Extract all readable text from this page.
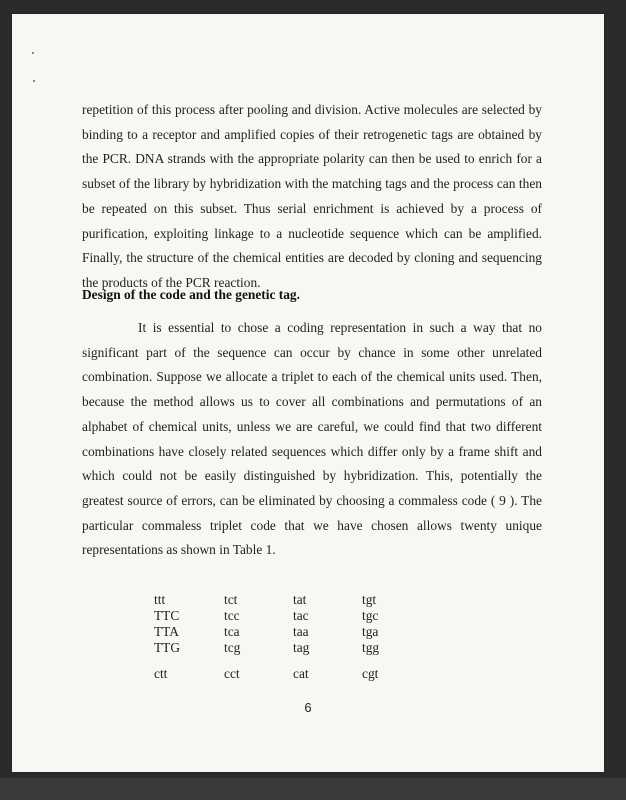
repetition of this process after pooling and division. Active molecules are selected by binding to a receptor and amplified copies of their retrogenetic tags are obtained by the PCR. DNA strands with the appropriate polarity can then be used to enrich for a subset of the library by hybridization with the matching tags and the process can then be repeated on this subset. Thus serial enrichment is achieved by a process of purification, exploiting linkage to a nucleotide sequence which can be amplified. Finally, the structure of the chemical entities are decoded by cloning and sequencing the products of the PCR reaction.

Design of the code and the genetic tag.

It is essential to chose a coding representation in such a way that no significant part of the sequence can occur by chance in some other unrelated combination. Suppose we allocate a triplet to each of the chemical units used. Then, because the method allows us to cover all combinations and permutations of an alphabet of chemical units, unless we are careful, we could find that two different combinations have closely related sequences which differ only by a frame shift and which could not be easily distinguished by hybridization. This, potentially the greatest source of errors, can be eliminated by choosing a commaless code ( 9 ). The particular commaless triplet code that we have chosen allows twenty unique representations as shown in Table 1.

ttt
TTC
TTA
TTG
ctt
tct
tcc
tca
tcg
cct
tat
tac
taa
tag
cat
tgt
tgc
tga
tgg
cgt
6
